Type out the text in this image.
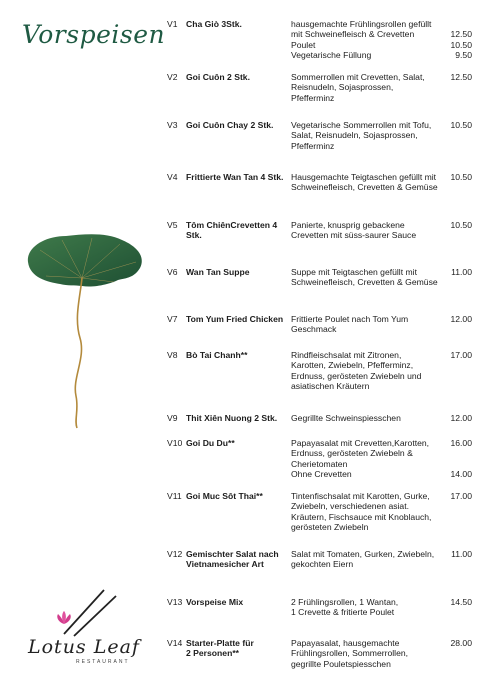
Vorspeisen
Lotus Leaf
RESTAURANT
V1 Cha Giò 3Stk.	hausgemachte Frühlingsrollen gefüllt
mit Schweinefleisch & Crevetten	12.50
Poulet	10.50
Vegetarische Füllung	9.50
V2 Goi Cuôn 2 Stk.	Sommerrollen mit Crevetten, Salat,	12.50
Reisnudeln, Sojasprossen,
Pfefferminz
V3 Goi Cuôn Chay 2 Stk.	Vegetarische Sommerrollen mit Tofu,	10.50
Salat, Reisnudeln, Sojasprossen,
Pfefferminz
V4 Frittierte Wan Tan 4 Stk. Hausgemachte Teigtaschen gefüllt mit	10.50
Schweinefleisch, Crevetten & Gemüse
V5 Tôm ChiênCrevetten 4 Stk.
Panierte, knusprig gebackene	10.50
Crevetten mit süss-saurer Sauce
V6 Wan Tan Suppe	Suppe mit Teigtaschen gefüllt mit	11.00
Schweinefleisch, Crevetten & Gemüse
V7 Tom Yum Fried Chicken Frittierte Poulet nach Tom Yum	12.00
Geschmack
V8 Bò Tai Chanh**	Rindfleischsalat mit Zitronen,	17.00
Karotten, Zwiebeln, Pfefferminz,
Erdnuss, gerösteten Zwiebeln und
asiatischen Kräutern
V9 Thit Xiên Nuong 2 Stk.	Gegrillte Schweinspiesschen	12.00
V10 Goi Du Du**	Papayasalat mit Crevetten,Karotten,	16.00
Erdnuss, gerösteten Zwiebeln &
Cherietomaten
Ohne Crevetten	14.00
V11 Goi Muc Sôt Thai**	Tintenfischsalat mit Karotten, Gurke,	17.00
Zwiebeln, verschiedenen asiat.
Kräutern, Fischsauce mit Knoblauch,
gerösteten Zwiebeln
V12 Gemischter Salat nach
Vietnamesicher Art
Salat mit Tomaten, Gurken, Zwiebeln,	11.00
gekochten Eiern
V13 Vorspeise Mix	2 Frühlingsrollen, 1 Wantan,	14.50
1 Crevette & fritierte Poulet
V14 Starter-Platte für
2 Personen**
Papayasalat, hausgemachte	28.00
Frühlingsrollen, Sommerrollen,
gegrillte Pouletspiesschen
